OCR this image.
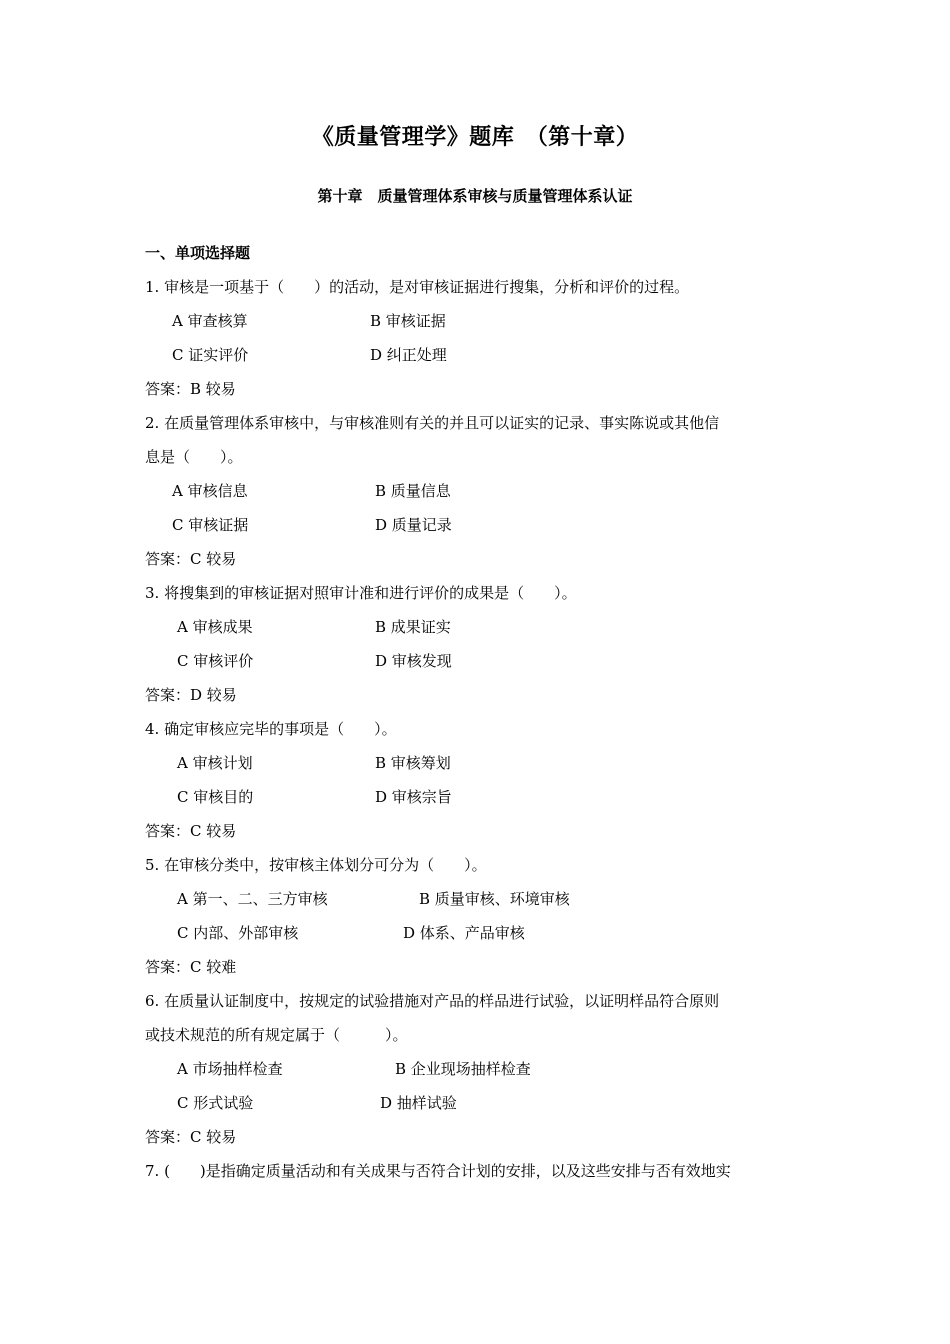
《质量管理学》题库　（第十章）
第十章　质量管理体系审核与质量管理体系认证
一、单项选择题
1. 审核是一项基于（　　）的活动，是对审核证据进行搜集，分析和评价的过程。
A 审查核算	B 审核证据
C 证实评价	D 纠正处理
答案：B 较易
2. 在质量管理体系审核中，与审核准则有关的并且可以证实的记录、事实陈说或其他信
息是（　　）。
A 审核信息	B 质量信息
C 审核证据	D 质量记录
答案：C 较易
3. 将搜集到的审核证据对照审计准和进行评价的成果是（　　）。
A 审核成果	B 成果证实
C 审核评价	D 审核发现
答案：D 较易
4. 确定审核应完毕的事项是（　　）。
A 审核计划	B 审核筹划
C 审核目的	D 审核宗旨
答案：C 较易
5. 在审核分类中，按审核主体划分可分为（　　）。
A 第一、二、三方审核	B 质量审核、环境审核
C 内部、外部审核	D 体系、产品审核
答案：C 较难
6. 在质量认证制度中，按规定的试验措施对产品的样品进行试验，以证明样品符合原则
或技术规范的所有规定属于（　　　）。
A 市场抽样检查	B 企业现场抽样检查
C 形式试验	D 抽样试验
答案：C 较易
7. (　　)是指确定质量活动和有关成果与否符合计划的安排，以及这些安排与否有效地实
